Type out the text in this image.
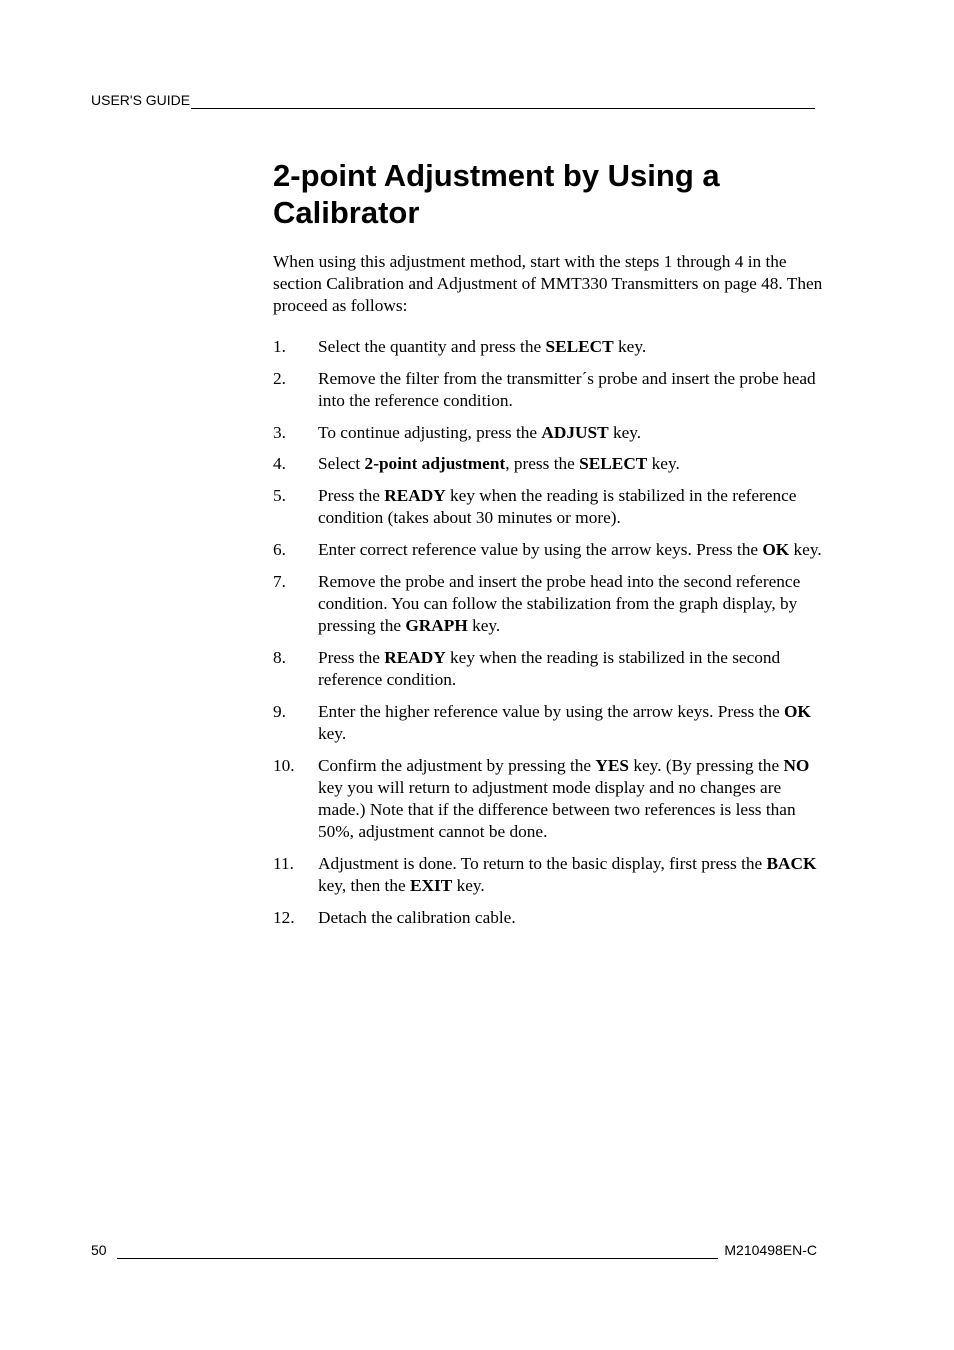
USER'S GUIDE
2-point Adjustment by Using a Calibrator

When using this adjustment method, start with the steps 1 through 4 in the section Calibration and Adjustment of MMT330 Transmitters on page 48. Then proceed as follows:

1.	Select the quantity and press the SELECT key.
2.	Remove the filter from the transmitter´s probe and insert the probe head into the reference condition.
3.	To continue adjusting, press the ADJUST key.
4.	Select 2-point adjustment, press the SELECT key.
5.	Press the READY key when the reading is stabilized in the reference condition (takes about 30 minutes or more).
6.	Enter correct reference value by using the arrow keys. Press the OK key.
7.	Remove the probe and insert the probe head into the second reference condition. You can follow the stabilization from the graph display, by pressing the GRAPH key.
8.	Press the READY key when the reading is stabilized in the second reference condition.
9.	Enter the higher reference value by using the arrow keys. Press the OK key.
10.	Confirm the adjustment by pressing the YES key. (By pressing the NO key you will return to adjustment mode display and no changes are made.) Note that if the difference between two references is less than 50%, adjustment cannot be done.
11.	Adjustment is done. To return to the basic display, first press the BACK key, then the EXIT key.
12.	Detach the calibration cable.
50	M210498EN-C
